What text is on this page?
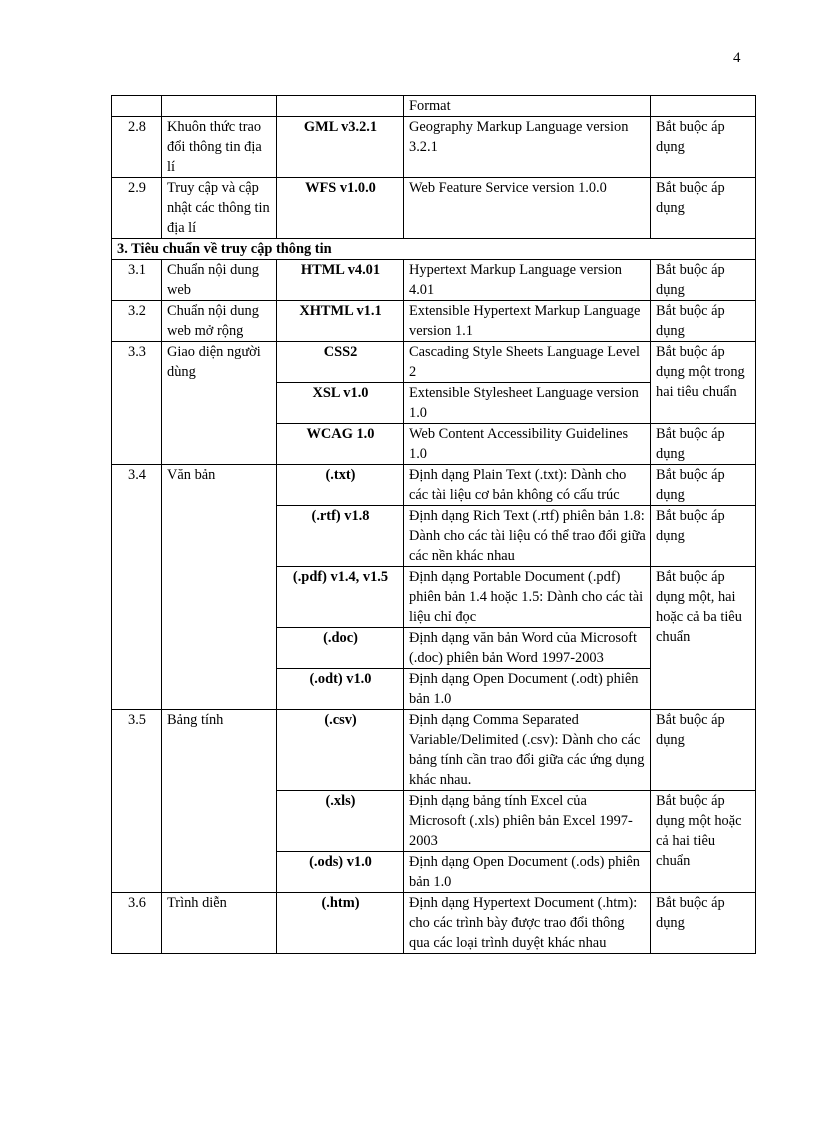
4
			Format	
2.8	Khuôn thức trao đổi thông tin địa lí	GML v3.2.1	Geography Markup Language version 3.2.1	Bắt buộc áp dụng
2.9	Truy cập và cập nhật các thông tin địa lí	WFS v1.0.0	Web Feature Service version 1.0.0	Bắt buộc áp dụng
3. Tiêu chuẩn về truy cập thông tin				
3.1	Chuẩn nội dung web	HTML v4.01	Hypertext Markup Language version 4.01	Bắt buộc áp dụng
3.2	Chuẩn nội dung web mở rộng	XHTML v1.1	Extensible Hypertext Markup Language version 1.1	Bắt buộc áp dụng
3.3	Giao diện người dùng	CSS2	Cascading Style Sheets Language Level 2	Bắt buộc áp dụng một trong hai tiêu chuẩn
		XSL v1.0	Extensible Stylesheet Language version 1.0	
		WCAG 1.0	Web Content Accessibility Guidelines 1.0	Bắt buộc áp dụng
3.4	Văn bản	(.txt)	Định dạng Plain Text (.txt): Dành cho các tài liệu cơ bản không có cấu trúc	Bắt buộc áp dụng
		(.rtf) v1.8	Định dạng Rich Text (.rtf) phiên bản 1.8: Dành cho các tài liệu có thể trao đổi giữa các nền khác nhau	Bắt buộc áp dụng
		(.pdf) v1.4, v1.5	Định dạng Portable Document (.pdf) phiên bản 1.4 hoặc 1.5: Dành cho các tài liệu chỉ đọc	Bắt buộc áp dụng một, hai hoặc cả ba tiêu chuẩn
		(.doc)	Định dạng văn bản Word của Microsoft (.doc) phiên bản Word 1997-2003	
		(.odt) v1.0	Định dạng Open Document (.odt) phiên bản 1.0	
3.5	Bảng tính	(.csv)	Định dạng Comma Separated Variable/Delimited (.csv): Dành cho các bảng tính cần trao đổi giữa các ứng dụng khác nhau.	Bắt buộc áp dụng
		(.xls)	Định dạng bảng tính Excel của Microsoft (.xls) phiên bản Excel 1997-2003	Bắt buộc áp dụng một hoặc cả hai tiêu chuẩn
		(.ods) v1.0	Định dạng Open Document (.ods) phiên bản 1.0	
3.6	Trình diễn	(.htm)	Định dạng Hypertext Document (.htm): cho các trình bày được trao đổi thông qua các loại trình duyệt khác nhau	Bắt buộc áp dụng
